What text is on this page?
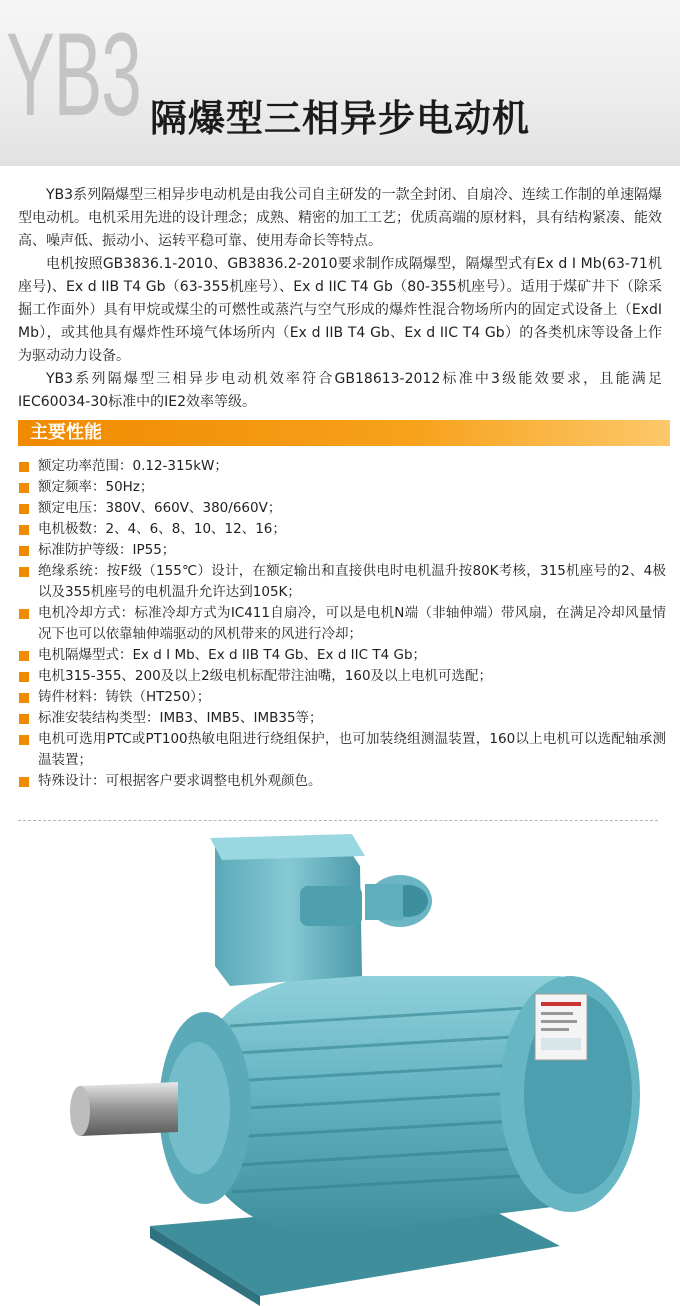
YB3 隔爆型三相异步电动机

YB3系列隔爆型三相异步电动机是由我公司自主研发的一款全封闭、自扇冷、连续工作制的单速隔爆型电动机。电机采用先进的设计理念；成熟、精密的加工工艺；优质高端的原材料，具有结构紧凑、能效高、噪声低、振动小、运转平稳可靠、使用寿命长等特点。

电机按照GB3836.1-2010、GB3836.2-2010要求制作成隔爆型，隔爆型式有Ex d I Mb(63-71机座号)、Ex d IIB T4 Gb（63-355机座号）、Ex d IIC T4 Gb（80-355机座号）。适用于煤矿井下（除采掘工作面外）具有甲烷或煤尘的可燃性或蒸汽与空气形成的爆炸性混合物场所内的固定式设备上（ExdI Mb），或其他具有爆炸性环境气体场所内（Ex d IIB T4 Gb、Ex d IIC T4 Gb）的各类机床等设备上作为驱动动力设备。

YB3系列隔爆型三相异步电动机效率符合GB18613-2012标准中3级能效要求，且能满足IEC60034-30标准中的IE2效率等级。

主要性能
额定功率范围：0.12-315kW；
额定频率：50Hz；
额定电压：380V、660V、380/660V；
电机极数：2、4、6、8、10、12、16；
标准防护等级：IP55；
绝缘系统：按F级（155℃）设计，在额定输出和直接供电时电机温升按80K考核，315机座号的2、4极以及355机座号的电机温升允许达到105K；
电机冷却方式：标准冷却方式为IC411自扇冷，可以是电机N端（非轴伸端）带风扇，在满足冷却风量情况下也可以依靠轴伸端驱动的风机带来的风进行冷却；
电机隔爆型式：Ex d I Mb、Ex d IIB T4 Gb、Ex d IIC T4 Gb；
电机315-355、200及以上2级电机标配带注油嘴，160及以上电机可选配；
铸件材料：铸铁（HT250）；
标准安装结构类型：IMB3、IMB5、IMB35等；
电机可选用PTC或PT100热敏电阻进行绕组保护，也可加装绕组测温装置，160以上电机可以选配轴承测温装置；
特殊设计：可根据客户要求调整电机外观颜色。
